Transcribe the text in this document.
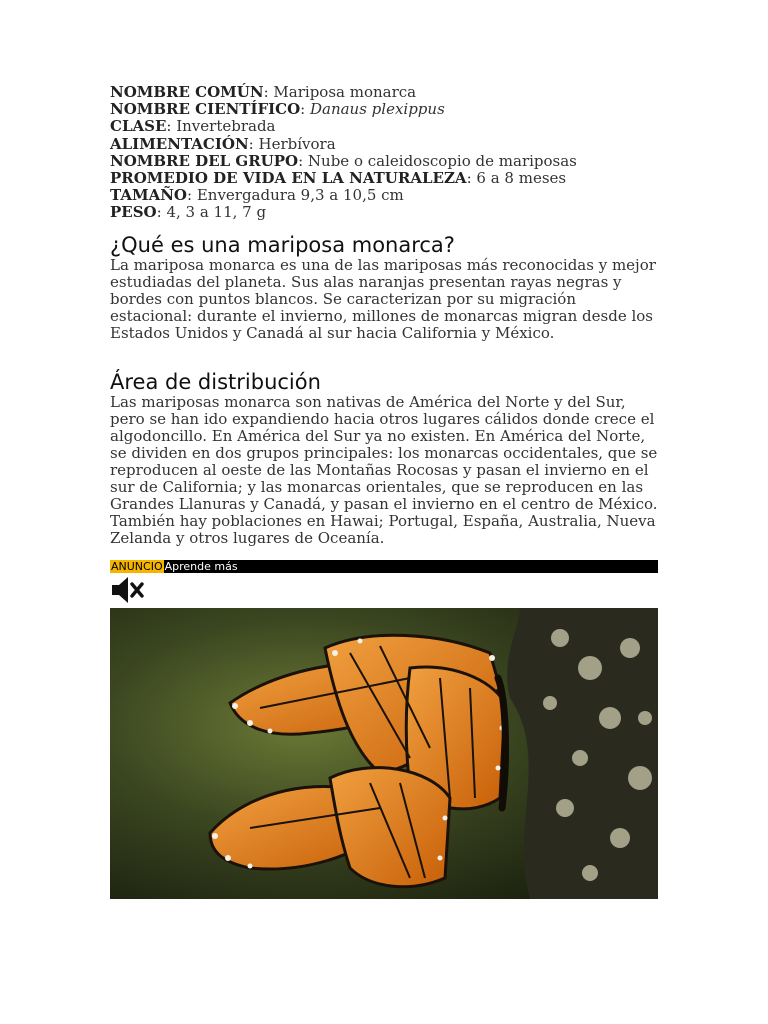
NOMBRE COMÚN: Mariposa monarca
NOMBRE CIENTÍFICO: Danaus plexippus
CLASE: Invertebrada
ALIMENTACIÓN: Herbívora
NOMBRE DEL GRUPO: Nube o caleidoscopio de mariposas
PROMEDIO DE VIDA EN LA NATURALEZA: 6 a 8 meses
TAMAÑO: Envergadura 9,3 a 10,5 cm
PESO: 4, 3 a 11, 7 g
¿Qué es una mariposa monarca?

La mariposa monarca es una de las mariposas más reconocidas y mejor estudiadas del planeta. Sus alas naranjas presentan rayas negras y bordes con puntos blancos. Se caracterizan por su migración estacional: durante el invierno, millones de monarcas migran desde los Estados Unidos y Canadá al sur hacia California y México.

Área de distribución

Las mariposas monarca son nativas de América del Norte y del Sur, pero se han ido expandiendo hacia otros lugares cálidos donde crece el algodoncillo. En América del Sur ya no existen. En América del Norte, se dividen en dos grupos principales: los monarcas occidentales, que se reproducen al oeste de las Montañas Rocosas y pasan el invierno en el sur de California; y las monarcas orientales, que se reproducen en las Grandes Llanuras y Canadá, y pasan el invierno en el centro de México. También hay poblaciones en Hawai; Portugal, España, Australia, Nueva Zelanda y otros lugares de Oceanía.

ANUNCIO Aprende más
